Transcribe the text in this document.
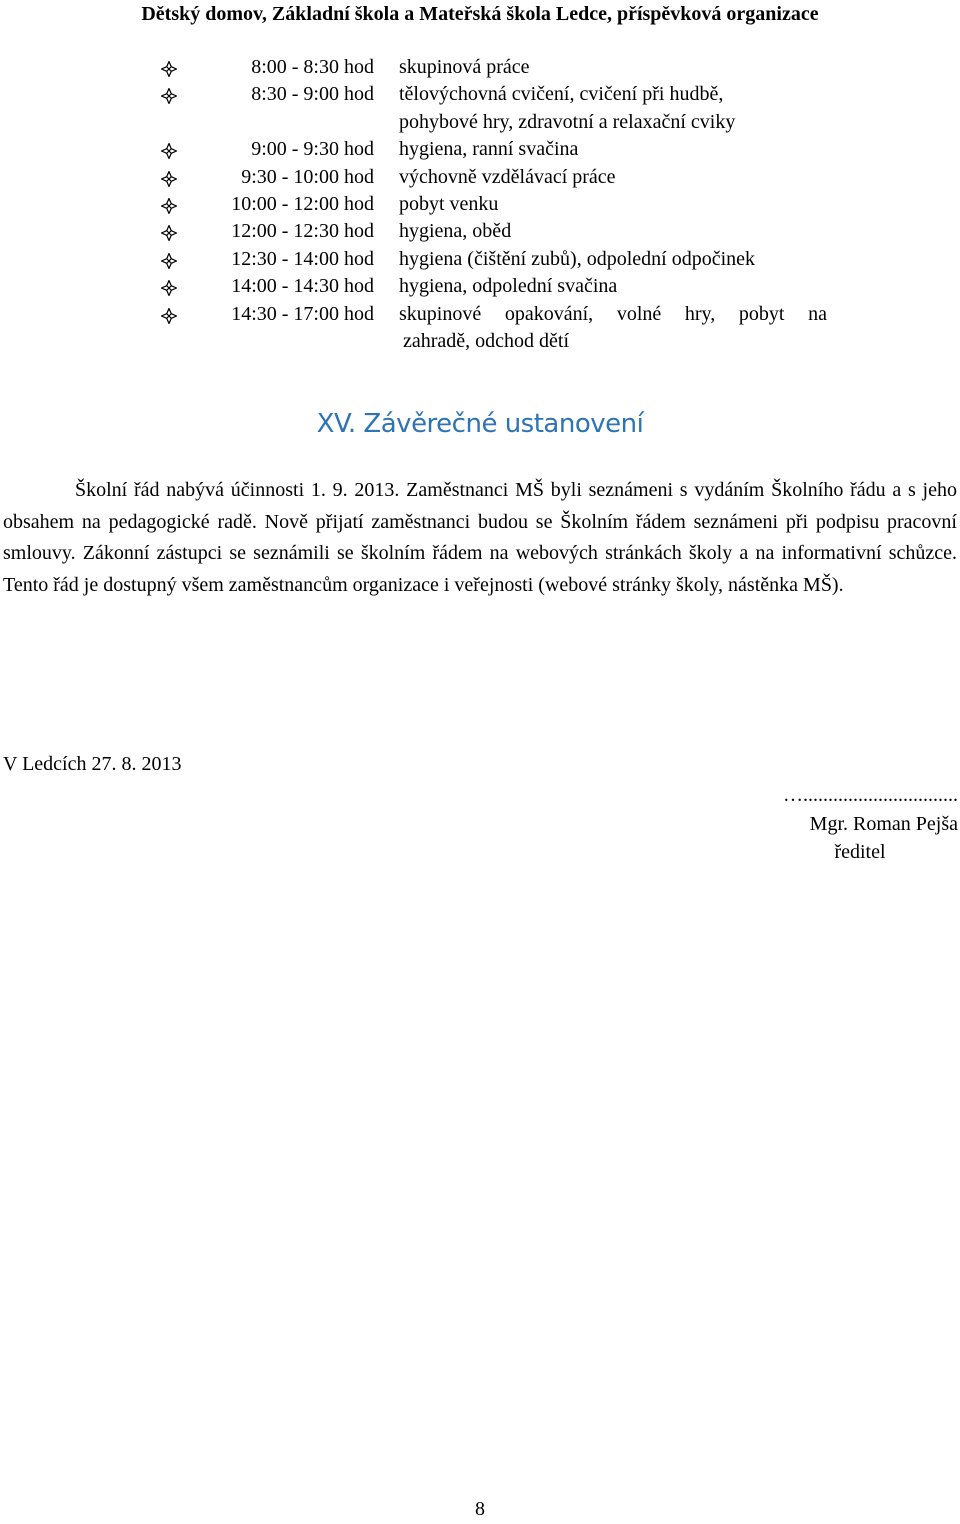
Dětský domov, Základní škola a Mateřská škola Ledce, příspěvková organizace
8:00 - 8:30 hod skupinová práce
8:30 - 9:00 hod tělovýchovná cvičení, cvičení při hudbě,
pohybové hry, zdravotní a relaxační cviky
9:00 - 9:30 hod hygiena, ranní svačina
9:30 - 10:00 hod výchovně vzdělávací práce
10:00 - 12:00 hod pobyt venku
12:00 - 12:30 hod hygiena, oběd
12:30 - 14:00 hod hygiena (čištění zubů), odpolední odpočinek
14:00 - 14:30 hod hygiena, odpolední svačina
14:30 - 17:00 hod skupinové opakování, volné hry, pobyt na
zahradě, odchod dětí
XV. Závěrečné ustanovení

Školní řád nabývá účinnosti 1. 9. 2013. Zaměstnanci MŠ byli seznámeni s vydáním Školního řádu a s jeho obsahem na pedagogické radě. Nově přijatí zaměstnanci budou se Školním řádem seznámeni při podpisu pracovní smlouvy. Zákonní zástupci se seznámili se školním řádem na webových stránkách školy a na informativní schůzce. Tento řád je dostupný všem zaměstnancům organizace i veřejnosti (webové stránky školy, nástěnka MŠ).

V Ledcích 27. 8. 2013
…...............................
Mgr. Roman Pejša
ředitel
8
